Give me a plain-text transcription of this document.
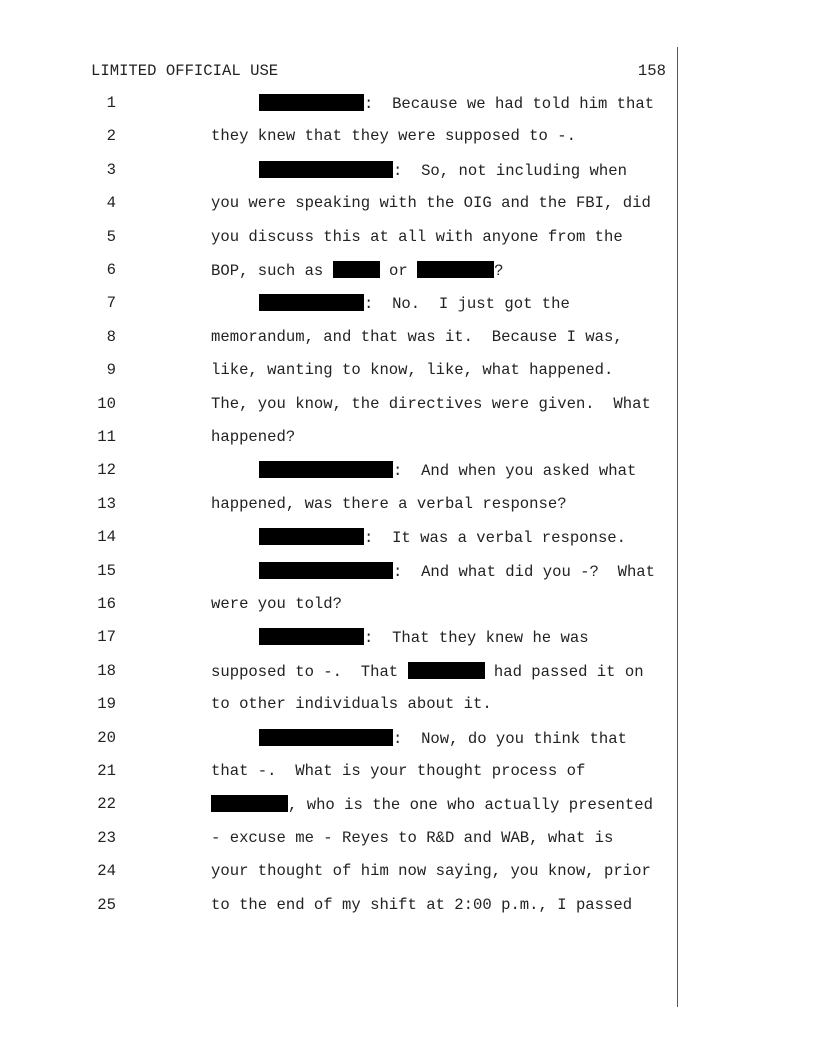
LIMITED OFFICIAL USE	158
1	:  Because we had told him that
2	they knew that they were supposed to -.
3	:  So, not including when
4	you were speaking with the OIG and the FBI, did
5	you discuss this at all with anyone from the
6	BOP, such as	or	?
7	:  No.  I just got the
8	memorandum, and that was it.  Because I was,
9	like, wanting to know, like, what happened.
10	The, you know, the directives were given.  What
11	happened?
12	:  And when you asked what
13	happened, was there a verbal response?
14	:  It was a verbal response.
15	:  And what did you -?  What
16	were you told?
17	:  That they knew he was
18	supposed to -.  That	had passed it on
19	to other individuals about it.
20	:  Now, do you think that
21	that -.  What is your thought process of
22	, who is the one who actually presented
23	- excuse me - Reyes to R&D and WAB, what is
24	your thought of him now saying, you know, prior
25	to the end of my shift at 2:00 p.m., I passed
